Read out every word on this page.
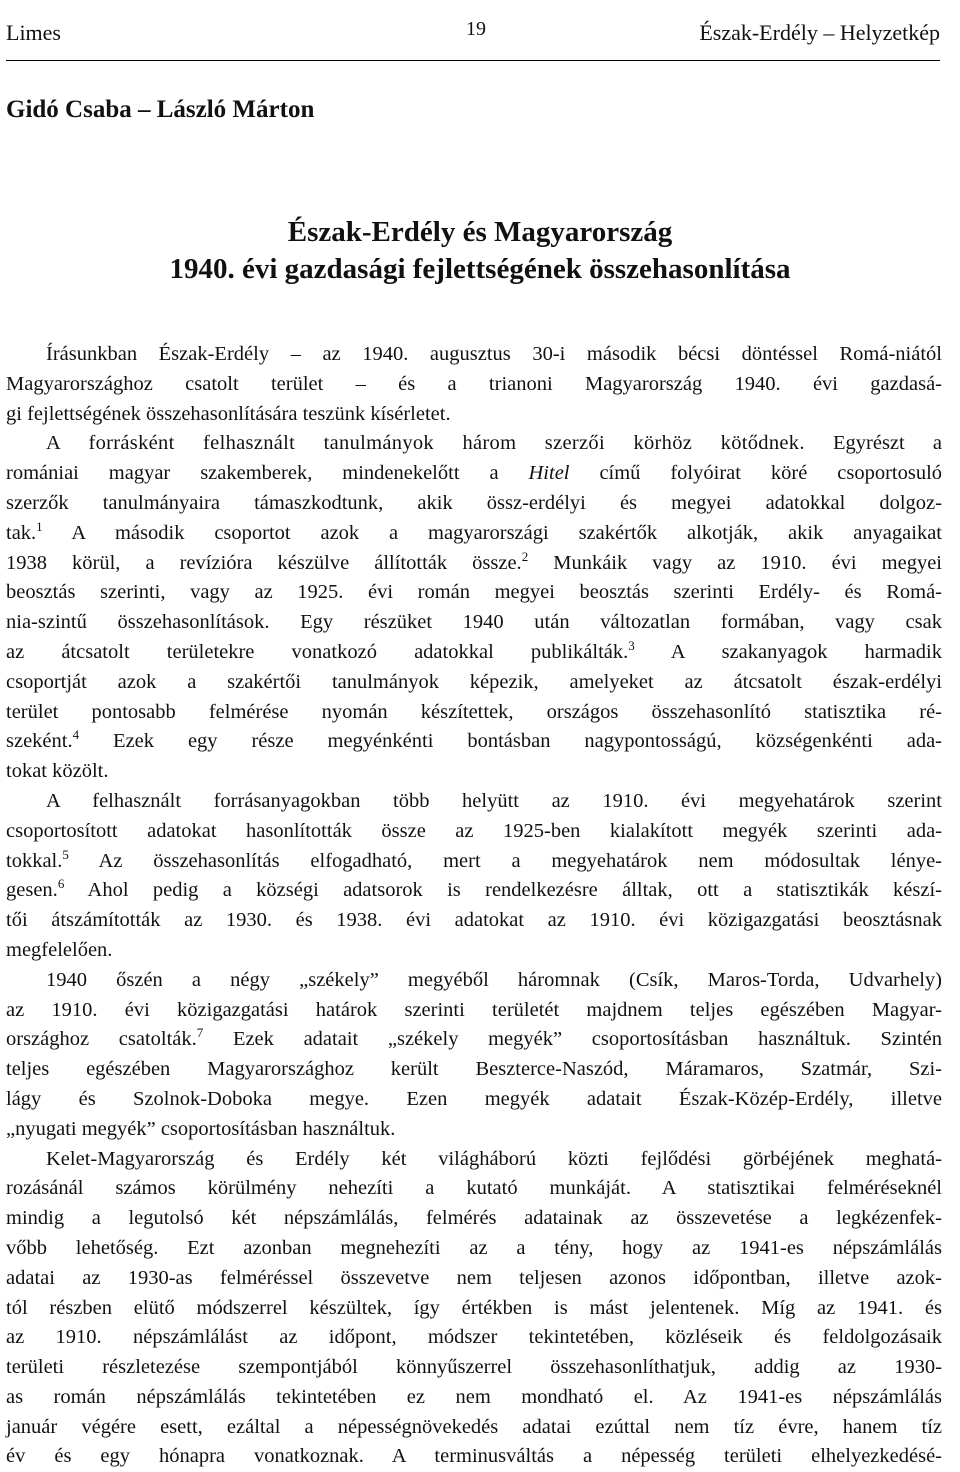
Limes	19	Észak-Erdély – Helyzetkép
Gidó Csaba – László Márton
Észak-Erdély és Magyarország
1940. évi gazdasági fejlettségének összehasonlítása

Írásunkban Észak-Erdély – az 1940. augusztus 30-i második bécsi döntéssel Romá-niától

Magyarországhoz csatolt terület – és a trianoni Magyarország 1940. évi gazdasá-

gi fejlettségének összehasonlítására teszünk kísérletet.

A forrásként felhasznált tanulmányok három szerzői körhöz kötődnek. Egyrészt a

romániai magyar szakemberek, mindenekelőtt a Hitel című folyóirat köré csoportosuló

szerzők tanulmányaira támaszkodtunk, akik össz-erdélyi és megyei adatokkal dolgoz-

tak.$^1$ A második csoportot azok a magyarországi szakértők alkotják, akik anyagaikat

1938 körül, a revízióra készülve állították össze.$^2$ Munkáik vagy az 1910. évi megyei

beosztás szerinti, vagy az 1925. évi román megyei beosztás szerinti Erdély- és Romá-

nia-szintű összehasonlítások. Egy részüket 1940 után változatlan formában, vagy csak

az átcsatolt területekre vonatkozó adatokkal publikálták.$^3$ A szakanyagok harmadik

csoportját azok a szakértői tanulmányok képezik, amelyeket az átcsatolt észak-erdélyi

terület pontosabb felmérése nyomán készítettek, országos összehasonlító statisztika ré-

szeként.$^4$ Ezek egy része megyénkénti bontásban nagypontosságú, községenkénti ada-

tokat közölt.

A felhasznált forrásanyagokban több helyütt az 1910. évi megyehatárok szerint

csoportosított adatokat hasonlították össze az 1925-ben kialakított megyék szerinti ada-

tokkal.$^5$ Az összehasonlítás elfogadható, mert a megyehatárok nem módosultak lénye-

gesen.$^6$ Ahol pedig a községi adatsorok is rendelkezésre álltak, ott a statisztikák készí-

tői átszámították az 1930. és 1938. évi adatokat az 1910. évi közigazgatási beosztásnak

megfelelően.

1940 őszén a négy „székely” megyéből háromnak (Csík, Maros-Torda, Udvarhely)

az 1910. évi közigazgatási határok szerinti területét majdnem teljes egészében Magyar-

országhoz csatolták.$^7$ Ezek adatait „székely megyék” csoportosításban használtuk. Szintén

teljes egészében Magyarországhoz került Beszterce-Naszód, Máramaros, Szatmár, Szi-

lágy és Szolnok-Doboka megye. Ezen megyék adatait Észak-Közép-Erdély, illetve

„nyugati megyék” csoportosításban használtuk.

Kelet-Magyarország és Erdély két világháború közti fejlődési görbéjének meghatá-

rozásánál számos körülmény nehezíti a kutató munkáját. A statisztikai felméréseknél

mindig a legutolsó két népszámlálás, felmérés adatainak az összevetése a legkézenfek-

vőbb lehetőség. Ezt azonban megnehezíti az a tény, hogy az 1941-es népszámlálás

adatai az 1930-as felméréssel összevetve nem teljesen azonos időpontban, illetve azok-

tól részben elütő módszerrel készültek, így értékben is mást jelentenek. Míg az 1941. és

az 1910. népszámlálást az időpont, módszer tekintetében, közléseik és feldolgozásaik

területi részletezése szempontjából könnyűszerrel összehasonlíthatjuk, addig az 1930-

as román népszámlálás tekintetében ez nem mondható el. Az 1941-es népszámlálás

január végére esett, ezáltal a népességnövekedés adatai ezúttal nem tíz évre, hanem tíz

év és egy hónapra vonatkoznak. A terminusváltás a népesség területi elhelyezkedésé-
